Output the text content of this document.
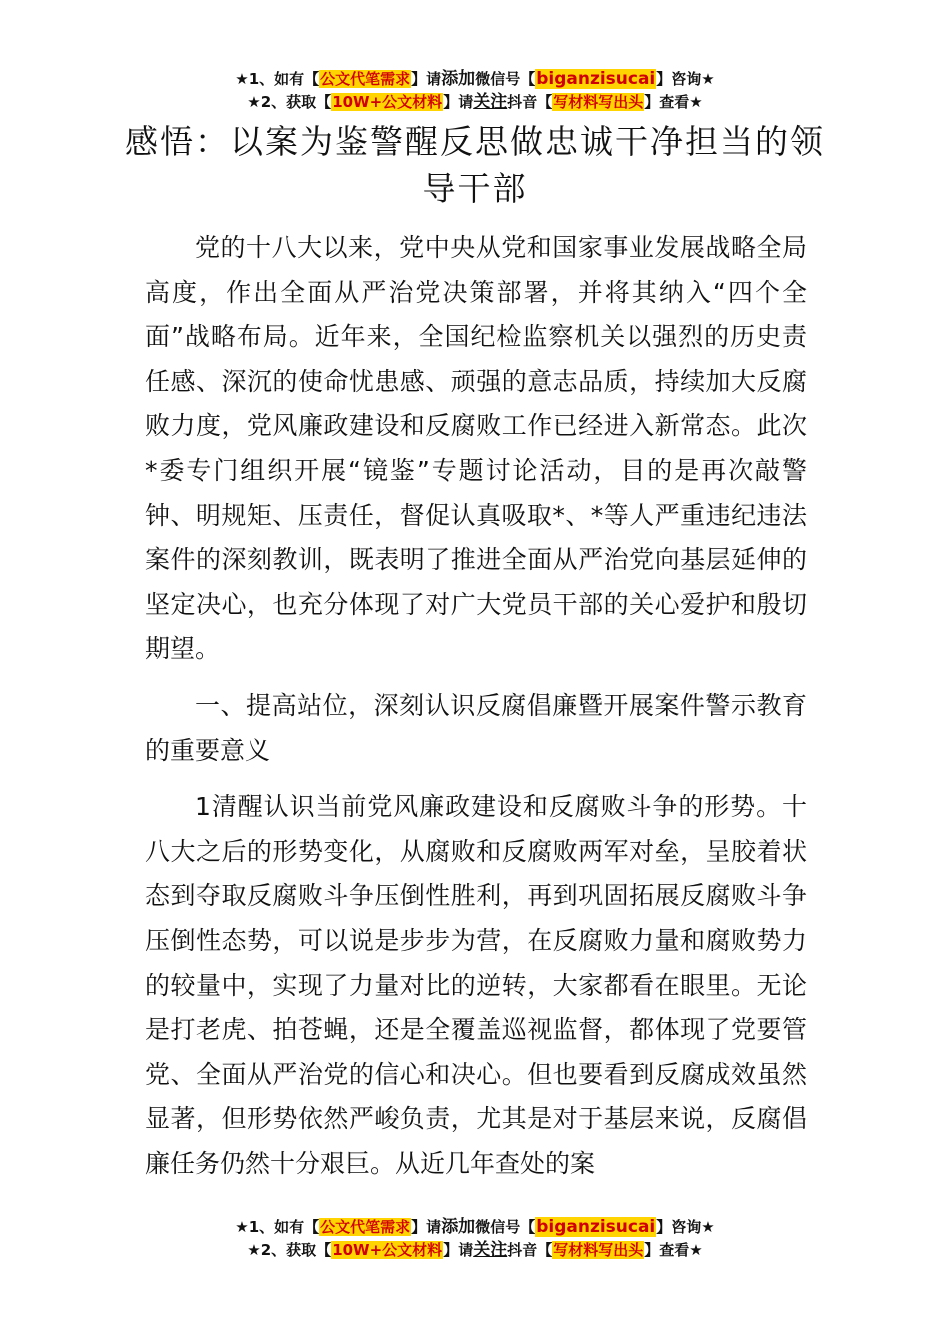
★1、如有【公文代笔需求】请添加微信号【biganzisucai】咨询★
★2、获取【10W+公文材料】请关注抖音【写材料写出头】查看★
感悟：以案为鉴警醒反思做忠诚干净担当的领导干部

党的十八大以来，党中央从党和国家事业发展战略全局高度，作出全面从严治党决策部署，并将其纳入“四个全面”战略布局。近年来，全国纪检监察机关以强烈的历史责任感、深沉的使命忧患感、顽强的意志品质，持续加大反腐败力度，党风廉政建设和反腐败工作已经进入新常态。此次*委专门组织开展“镜鉴”专题讨论活动，目的是再次敲警钟、明规矩、压责任，督促认真吸取*、*等人严重违纪违法案件的深刻教训，既表明了推进全面从严治党向基层延伸的坚定决心，也充分体现了对广大党员干部的关心爱护和殷切期望。

一、提高站位，深刻认识反腐倡廉暨开展案件警示教育的重要意义

1清醒认识当前党风廉政建设和反腐败斗争的形势。十八大之后的形势变化，从腐败和反腐败两军对垒，呈胶着状态到夺取反腐败斗争压倒性胜利，再到巩固拓展反腐败斗争压倒性态势，可以说是步步为营，在反腐败力量和腐败势力的较量中，实现了力量对比的逆转，大家都看在眼里。无论是打老虎、拍苍蝇，还是全覆盖巡视监督，都体现了党要管党、全面从严治党的信心和决心。但也要看到反腐成效虽然显著，但形势依然严峻负责，尤其是对于基层来说，反腐倡廉任务仍然十分艰巨。从近几年查处的案

★1、如有【公文代笔需求】请添加微信号【biganzisucai】咨询★
★2、获取【10W+公文材料】请关注抖音【写材料写出头】查看★
